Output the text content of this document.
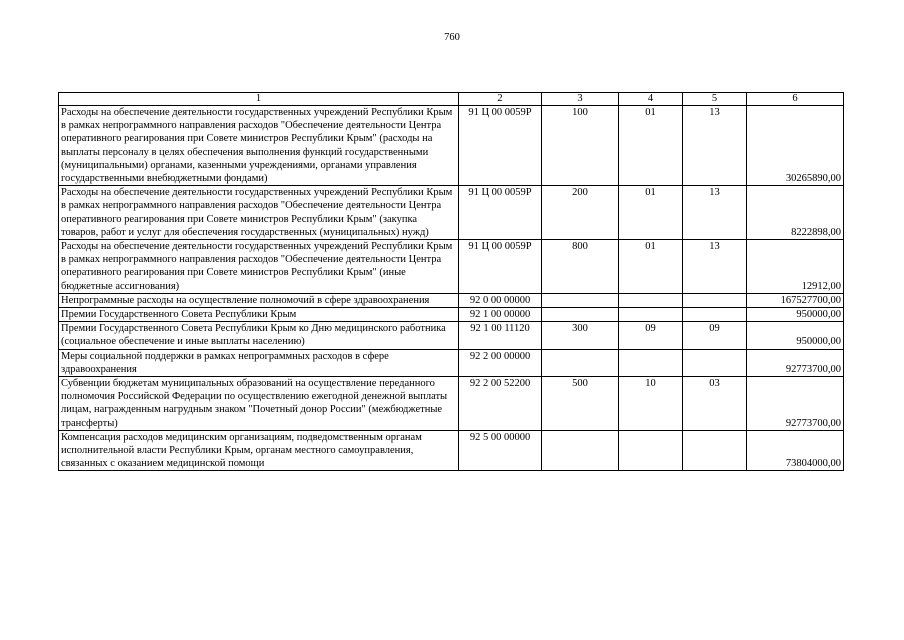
760
1	2	3	4	5	6
Расходы на обеспечение деятельности государственных учреждений Республики Крым в рамках непрограммного направления расходов "Обеспечение деятельности Центра оперативного реагирования при Совете министров Республики Крым" (расходы на выплаты персоналу в целях обеспечения выполнения функций государственными (муниципальными) органами, казенными учреждениями, органами управления государственными внебюджетными фондами)	91 Ц 00 0059Р	100	01	13	30265890,00
Расходы на обеспечение деятельности государственных учреждений Республики Крым в рамках непрограммного направления расходов "Обеспечение деятельности Центра оперативного реагирования при Совете министров Республики Крым" (закупка товаров, работ и услуг для обеспечения государственных (муниципальных) нужд)	91 Ц 00 0059Р	200	01	13	8222898,00
Расходы на обеспечение деятельности государственных учреждений Республики Крым в рамках непрограммного направления расходов "Обеспечение деятельности Центра оперативного реагирования при Совете министров Республики Крым" (иные бюджетные ассигнования)	91 Ц 00 0059Р	800	01	13	12912,00
Непрограммные расходы на осуществление полномочий в сфере здравоохранения	92 0 00 00000				167527700,00
Премии Государственного Совета Республики Крым	92 1 00 00000				950000,00
Премии Государственного Совета Республики Крым ко Дню медицинского работника (социальное обеспечение и иные выплаты населению)	92 1 00 11120	300	09	09	950000,00
Меры социальной поддержки в рамках непрограммных расходов в сфере здравоохранения	92 2 00 00000				92773700,00
Субвенции бюджетам муниципальных образований на осуществление переданного полномочия Российской Федерации по осуществлению ежегодной денежной выплаты лицам, награжденным нагрудным знаком "Почетный донор России" (межбюджетные трансферты)	92 2 00 52200	500	10	03	92773700,00
Компенсация расходов медицинским организациям, подведомственным органам исполнительной власти Республики Крым, органам местного самоуправления, связанных с оказанием медицинской помощи	92 5 00 00000				73804000,00
